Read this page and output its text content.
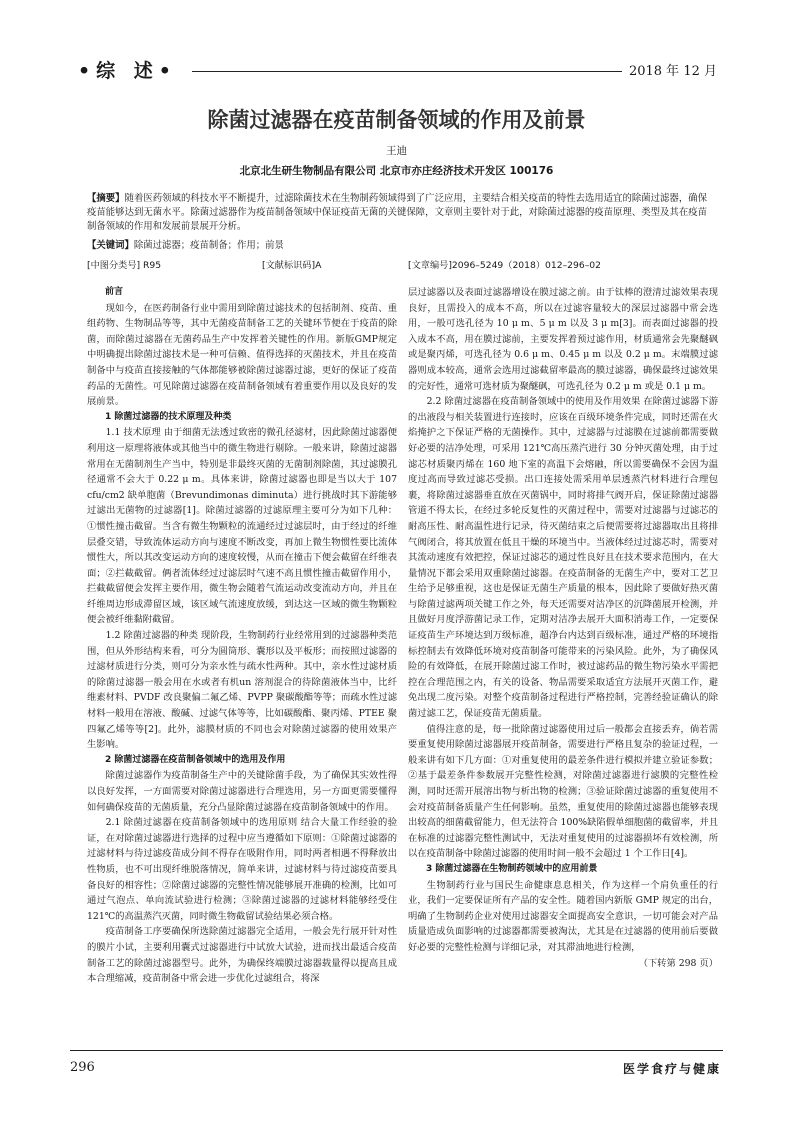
•综 述•	2018 年 12 月
除菌过滤器在疫苗制备领域的作用及前景
王迪
北京北生研生物制品有限公司 北京市亦庄经济技术开发区 100176
【摘要】随着医药领域的科技水平不断提升，过滤除菌技术在生物制药领域得到了广泛应用，主要结合相关疫苗的特性去选用适宜的除菌过滤器，确保疫苗能够达到无菌水平。除菌过滤器作为疫苗制备领域中保证疫苗无菌的关键保障，文章则主要针对于此，对除菌过滤器的疫苗原理、类型及其在疫苗制备领域的作用和发展前景展开分析。
【关键词】除菌过滤器；疫苗制备；作用；前景
[中图分类号] R95	[文献标识码]A	[文章编号]2096–5249（2018）012–296–02

前言

现如今，在医药制备行业中需用到除菌过滤技术的包括制剂、疫苗、重组药物、生物制品等等，其中无菌疫苗制备工艺的关键环节便在于疫苗的除菌，而除菌过滤器在无菌药品生产中发挥着关键性的作用。新版GMP规定中明确提出除菌过滤技术是一种可信赖、值得选择的灭菌技术，并且在疫苗制备中与疫苗直接接触的气体都能够被除菌过滤器过滤，更好的保证了疫苗药品的无菌性。可见除菌过滤器在疫苗制备领域有着重要作用以及良好的发展前景。

1 除菌过滤器的技术原理及种类

1.1 技术原理 由于细菌无法透过致密的微孔径滤材，因此除菌过滤器便利用这一原理将液体或其他当中的微生物进行剔除。一般来讲，除菌过滤器常用在无菌制剂生产当中，特别是非最终灭菌的无菌制剂除菌，其过滤膜孔径通常不会大于 0.22 μ m。具体来讲，除菌过滤器也即是当以大于 107 cfu/cm2 缺单胞菌（Brevundimonas diminuta）进行挑战时其下游能够过滤出无菌物的过滤器[1]。除菌过滤器的过滤原理主要可分为如下几种：①惯性撞击截留。当含有微生物颗粒的流通经过过滤层时，由于经过的纤维层叠交错，导致流体运动方向与速度不断改变，再加上微生物惯性要比流体惯性大，所以其改变运动方向的速度较慢，从而在撞击下便会截留在纤维表面；②拦截截留。俩者流体经过过滤层时气速不高且惯性撞击截留作用小，拦截截留便会发挥主要作用，微生物会随着气流运动改变流动方向，并且在纤维周边形成滞留区域，该区域气流速度放缓，到达这一区域的微生物颗粒便会被纤维黏附截留。

1.2 除菌过滤器的种类 现阶段，生物制药行业经常用到的过滤器种类范围，但从外形结构来看，可分为圆筒形、囊形以及平板形；而按照过滤器的过滤材质进行分类，则可分为亲水性与疏水性两种。其中，亲水性过滤材质的除菌过滤器一般会用在水或者有机un 溶剂混合的待除菌液体当中，比纤维素材料、PVDF 改良聚偏二氟乙烯、PVPP 聚碳酸酯等等；而疏水性过滤材料一般用在溶液、酸碱、过滤气体等等，比如碳酸酯、聚丙烯、PTEE 聚四氟乙烯等等[2]。此外，滤膜材质的不同也会对除菌过滤器的使用效果产生影响。

2 除菌过滤器在疫苗制备领域中的选用及作用

除菌过滤器作为疫苗制备生产中的关键除菌手段，为了确保其实效性得以良好发挥，一方面需要对除菌过滤器进行合理选用，另一方面更需要懂得如何确保疫苗的无菌质量，充分凸显除菌过滤器在疫苗制备领域中的作用。

2.1 除菌过滤器在疫苗制备领域中的选用原则 结合大量工作经验的验证，在对除菌过滤器进行选择的过程中应当遵循如下原则：①除菌过滤器的过滤材料与待过滤疫苗成分间不得存在吸附作用，同时两者相遇不得释放出性物质，也不可出现纤维脱落情况，简单来讲，过滤材料与待过滤疫苗要具备良好的相容性；②除菌过滤器的完整性情况能够展开准确的检测，比如可通过气泡点、单向流试验进行检测；③除菌过滤器的过滤材料能够经受住 121℃的高温蒸汽灭菌，同时微生物截留试验结果必须合格。

疫苗制备工序要确保所选除菌过滤器完全适用，一般会先行展开针对性的膜片小试，主要利用囊式过滤器进行中试放大试验，进而找出最适合疫苗制备工艺的除菌过滤器型号。此外，为确保终端膜过滤器载量得以提高且成本合理缩减，疫苗制备中常会进一步优化过滤组合，将深

层过滤器以及表面过滤器增设在膜过滤之前。由于钛棒的澄清过滤效果表现良好，且需投入的成本不高，所以在过滤容量较大的深层过滤器中常会选用，一般可选孔径为 10 μ m、5 μ m 以及 3 μ m[3]。而表面过滤器的投入成本不高，用在膜过滤前，主要发挥着预过滤作用，材质通常会先聚醚砜或是聚丙烯，可选孔径为 0.6 μ m、0.45 μ m 以及 0.2 μ m。末端膜过滤器则成本较高，通常会选用过滤截留率最高的膜过滤器，确保最终过滤效果的完好性，通常可选材质为聚醚砜，可选孔径为 0.2 μ m 或是 0.1 μ m。

2.2 除菌过滤器在疫苗制备领域中的使用及作用效果 在除菌过滤器下游的出液段与相关装置进行连接时，应该在百级环境条件完成，同时还需在火焰掩护之下保证严格的无菌操作。其中，过滤器与过滤膜在过滤前都需要做好必要的洁净处理，可采用 121℃高压蒸汽进行 30 分钟灭菌处理，由于过滤芯材质聚丙烯在 160 地下室的高温下会熔融，所以需要确保不会因为温度过高而导致过滤芯受损。出口连接处需采用单层透蒸汽材料进行合理包裹，将除菌过滤器垂直放在灭菌锅中，同时将排气阀开启，保证除菌过滤器管道不得太长，在经过多轮反复性的灭菌过程中，需要对过滤器与过滤芯的耐高压性、耐高温性进行记录，待灭菌结束之后便需要将过滤器取出且将排气阀闭合，将其放置在低且干燥的环境当中。当液体经过过滤芯时，需要对其流动速度有效把控，保证过滤芯的通过性良好且在技术要求范围内，在大量情况下都会采用双重除菌过滤器。在疫苗制备的无菌生产中，要对工艺卫生给予足够重视，这也是保证无菌生产质量的根本，因此除了要做好热灭菌与除菌过滤两项关键工作之外，每天还需要对洁净区的沉降菌展开检测，并且做好月度浮游菌记录工作，定期对洁净去展开大面积消毒工作，一定要保证疫苗生产环境达到万级标准，超净台内达到百级标准，通过严格的环境指标控制去有效降低环境对疫苗制备可能带来的污染风险。此外，为了确保风险的有效降低，在展开除菌过滤工作时，被过滤药品的微生物污染水平需把控在合理范围之内，有关的设备、物品需要采取适宜方法展开灭菌工作，避免出现二度污染。对整个疫苗制备过程进行严格控制，完善经验证确认的除菌过滤工艺，保证疫苗无菌质量。

值得注意的是，每一批除菌过滤器使用过后一般都会直接丢弃，倘若需要重复使用除菌过滤器展开疫苗制备，需要进行严格且复杂的验证过程，一般来讲有如下几方面：①对重复使用的最差条件进行模拟并建立验证参数；②基于最差条件参数展开完整性检测，对除菌过滤器进行滤膜的完整性检测，同时还需开展溶出物与析出物的检测；③验证除菌过滤器的重复使用不会对疫苗制备质量产生任何影响。虽然，重复使用的除菌过滤器也能够表现出较高的细菌截留能力，但无法符合 100%缺陷假单细胞菌的截留率，并且在标准的过滤器完整性测试中，无法对重复使用的过滤器损坏有效检测，所以在疫苗制备中除菌过滤器的使用时间一般不会超过 1 个工作日[4]。

3 除菌过滤器在生物制药领域中的应用前景

生物制药行业与国民生命健康息息相关，作为这样一个肩负重任的行业，我们一定要保证所有产品的安全性。随着国内新版 GMP 规定的出台，明确了生物制药企业对使用过滤器安全面提高安全意识，一切可能会对产品质量造成负面影响的过滤器都需要被淘汰，尤其是在过滤器的使用前后要做好必要的完整性检测与详细记录，对其滞油地进行检测，

（下转第 298 页）

296	医学食疗与健康
